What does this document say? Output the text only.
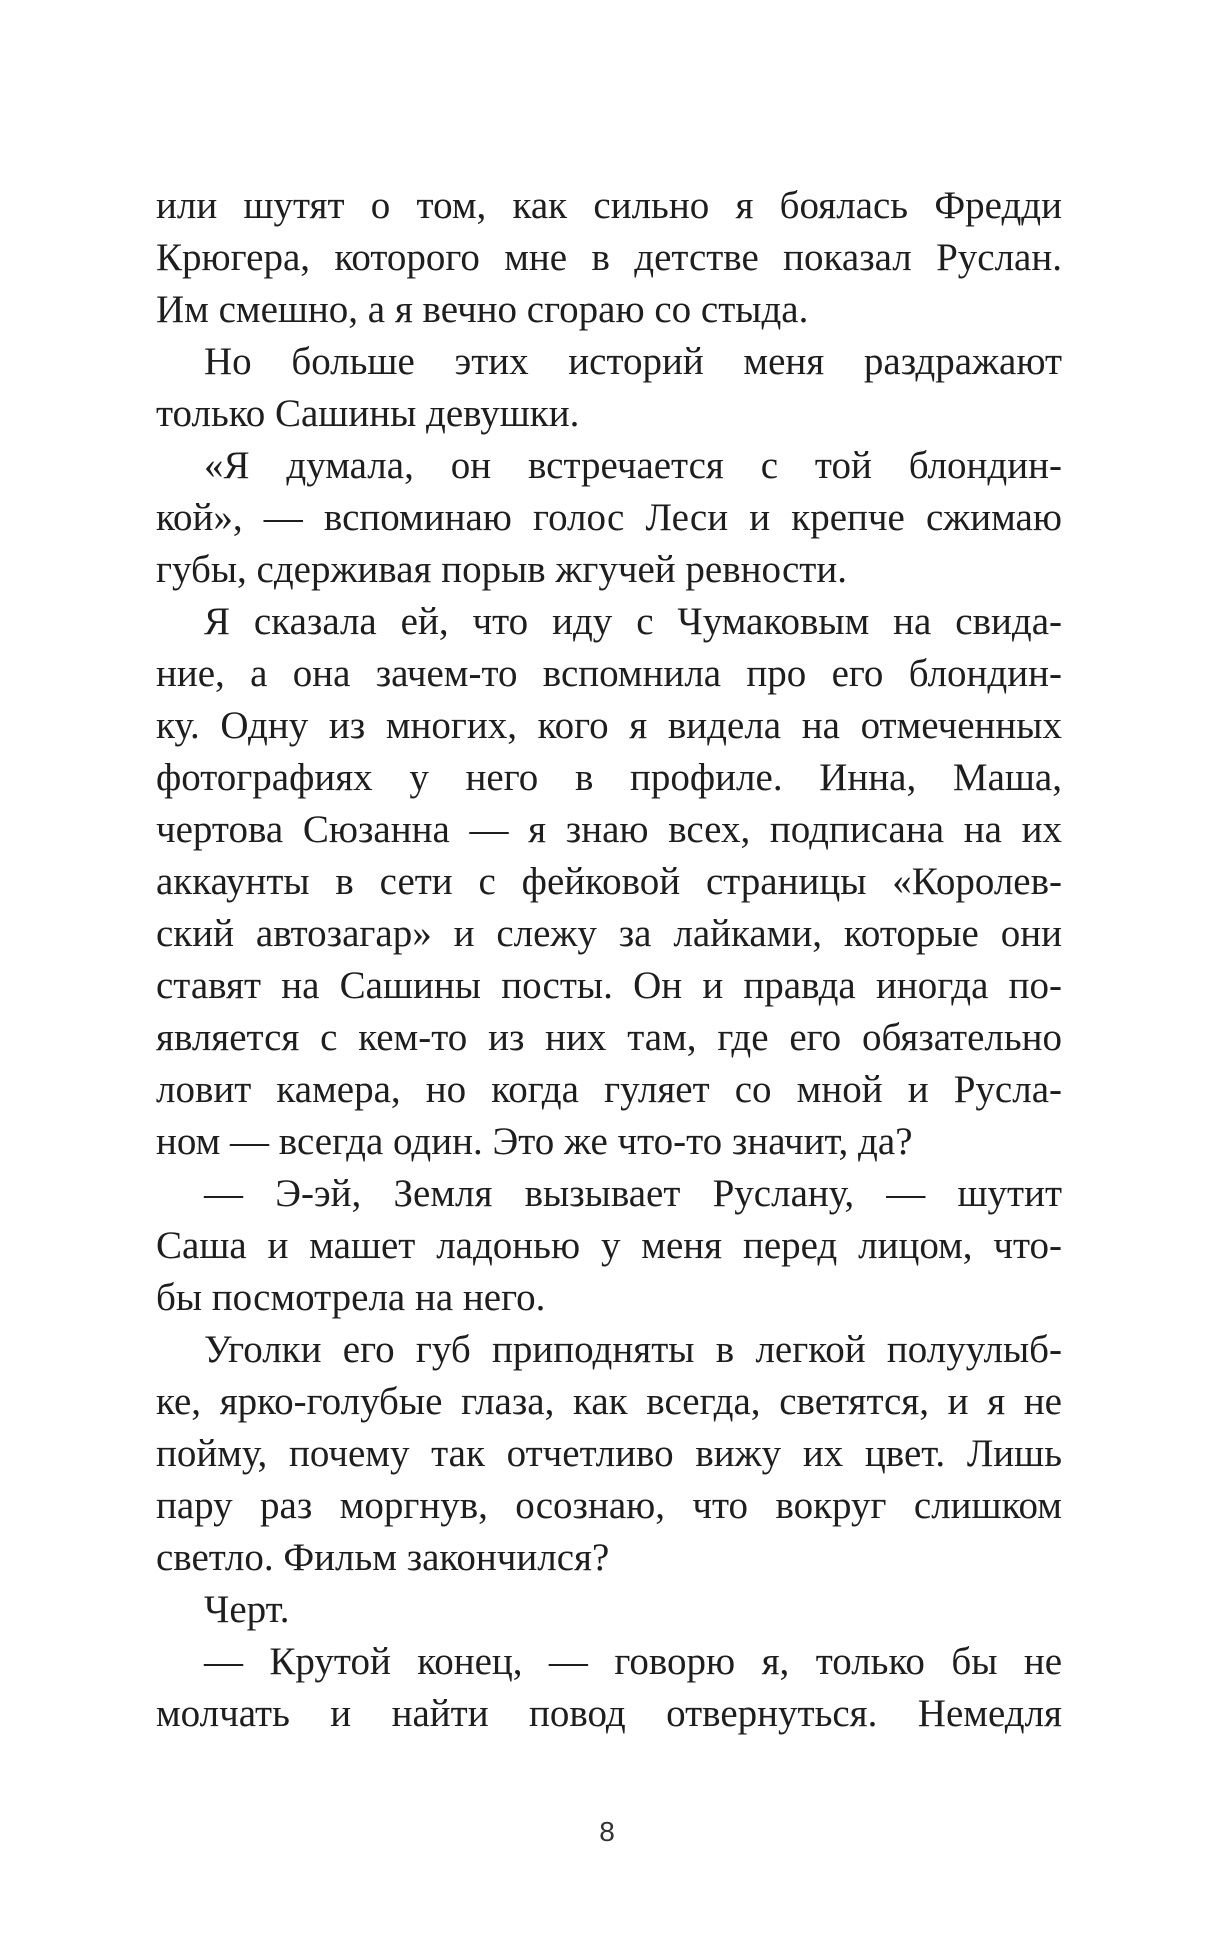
или шутят о том, как сильно я боялась Фредди
Крюгера, которого мне в детстве показал Руслан.
Им смешно, а я вечно сгораю со стыда.
Но больше этих историй меня раздражают
только Сашины девушки.
«Я думала, он встречается с той блондин-
кой», — вспоминаю голос Леси и крепче сжимаю
губы, сдерживая порыв жгучей ревности.
Я сказала ей, что иду с Чумаковым на свида-
ние, а она зачем-то вспомнила про его блондин-
ку. Одну из многих, кого я видела на отмеченных
фотографиях у него в профиле. Инна, Маша,
чертова Сюзанна — я знаю всех, подписана на их
аккаунты в сети с фейковой страницы «Королев-
ский автозагар» и слежу за лайками, которые они
ставят на Сашины посты. Он и правда иногда по-
является с кем-то из них там, где его обязательно
ловит камера, но когда гуляет со мной и Русла-
ном — всегда один. Это же что-то значит, да?
— Э-эй, Земля вызывает Руслану, — шутит
Саша и машет ладонью у меня перед лицом, что-
бы посмотрела на него.
Уголки его губ приподняты в легкой полуулыб-
ке, ярко-голубые глаза, как всегда, светятся, и я не
пойму, почему так отчетливо вижу их цвет. Лишь
пару раз моргнув, осознаю, что вокруг слишком
светло. Фильм закончился?
Черт.
— Крутой конец, — говорю я, только бы не
молчать и найти повод отвернуться. Немедля
8
